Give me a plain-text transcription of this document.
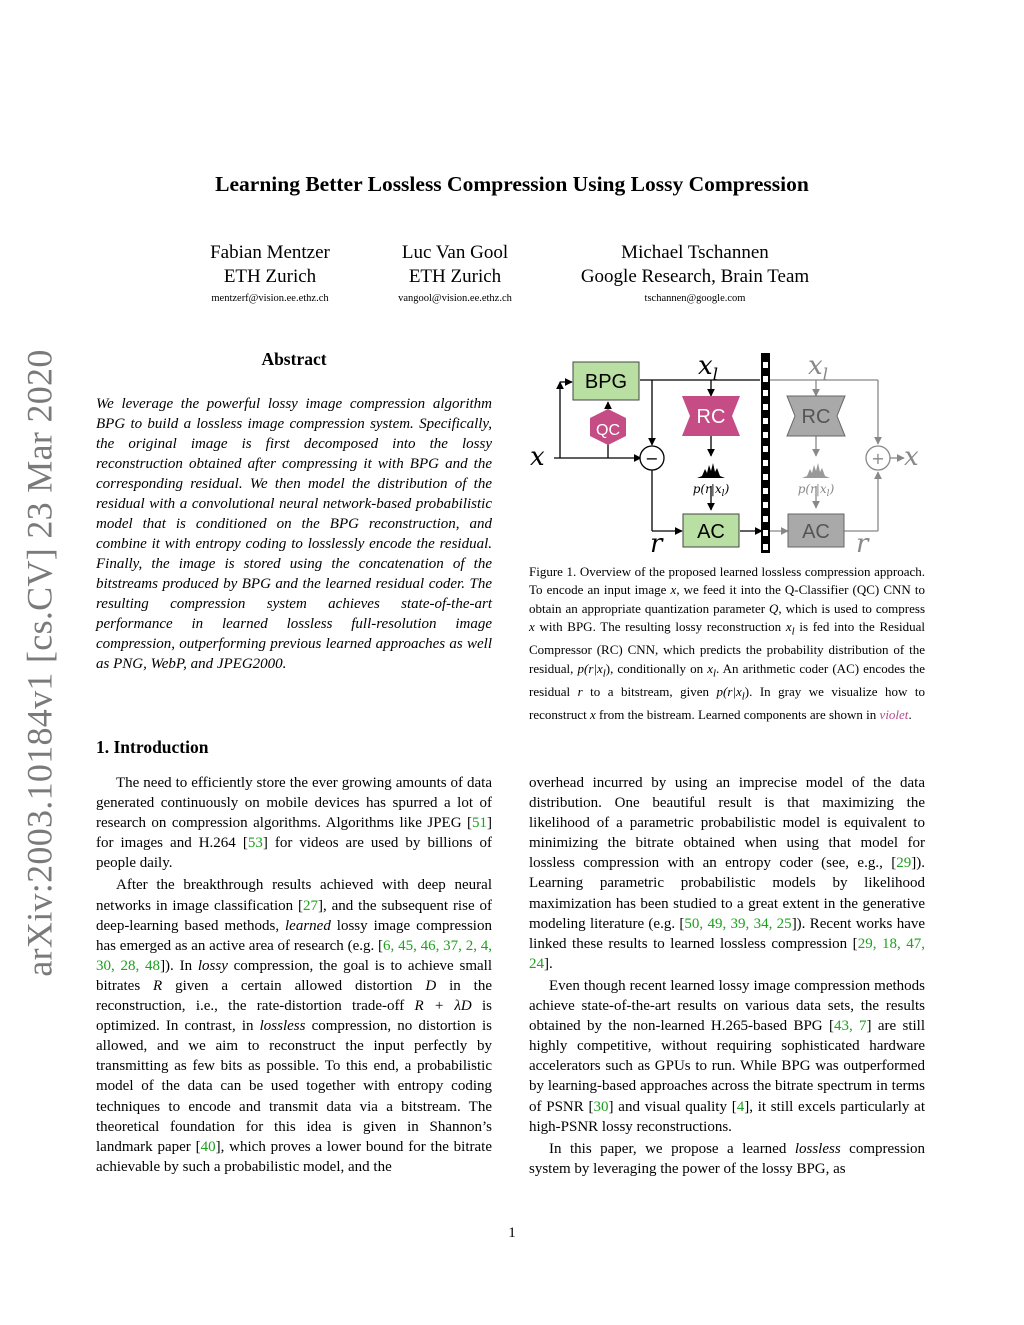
arXiv:2003.10184v1 [cs.CV] 23 Mar 2020
Learning Better Lossless Compression Using Lossy Compression
Fabian Mentzer
ETH Zurich
mentzerf@vision.ee.ethz.ch
Luc Van Gool
ETH Zurich
vangool@vision.ee.ethz.ch
Michael Tschannen
Google Research, Brain Team
tschannen@google.com
Abstract

We leverage the powerful lossy image compression algorithm BPG to build a lossless image compression system. Specifically, the original image is first decomposed into the lossy reconstruction obtained after compressing it with BPG and the corresponding residual. We then model the distribution of the residual with a convolutional neural network-based probabilistic model that is conditioned on the BPG reconstruction, and combine it with entropy coding to losslessly encode the residual. Finally, the image is stored using the concatenation of the bitstreams produced by BPG and the learned residual coder. The resulting compression system achieves state-of-the-art performance in learned lossless full-resolution image compression, outperforming previous learned approaches as well as PNG, WebP, and JPEG2000.

1. Introduction

The need to efficiently store the ever growing amounts of data generated continuously on mobile devices has spurred a lot of research on compression algorithms. Algorithms like JPEG [51] for images and H.264 [53] for videos are used by billions of people daily.

After the breakthrough results achieved with deep neural networks in image classification [27], and the subsequent rise of deep-learning based methods, learned lossy image compression has emerged as an active area of research (e.g. [6, 45, 46, 37, 2, 4, 30, 28, 48]). In lossy compression, the goal is to achieve small bitrates R given a certain allowed distortion D in the reconstruction, i.e., the rate-distortion trade-off R + λD is optimized. In contrast, in lossless compression, no distortion is allowed, and we aim to reconstruct the input perfectly by transmitting as few bits as possible. To this end, a probabilistic model of the data can be used together with entropy coding techniques to encode and transmit data via a bitstream. The theoretical foundation for this idea is given in Shannon’s landmark paper [40], which proves a lower bound for the bitrate achievable by such a probabilistic model, and the

BPG
QC
RC	RC
$p(r|x_l)$	$p(r|x_l)$
AC	AC
−	+
x	x
$x_l$	$x_l$
r	r

Figure 1. Overview of the proposed learned lossless compression approach. To encode an input image x, we feed it into the Q-Classifier (QC) CNN to obtain an appropriate quantization parameter Q, which is used to compress x with BPG. The resulting lossy reconstruction $x_l$ is fed into the Residual Compressor (RC) CNN, which predicts the probability distribution of the residual, $p(r|x_l)$, conditionally on $x_l$. An arithmetic coder (AC) encodes the residual r to a bitstream, given $p(r|x_l)$. In gray we visualize how to reconstruct x from the bistream. Learned components are shown in violet.

overhead incurred by using an imprecise model of the data distribution. One beautiful result is that maximizing the likelihood of a parametric probabilistic model is equivalent to minimizing the bitrate obtained when using that model for lossless compression with an entropy coder (see, e.g., [29]). Learning parametric probabilistic models by likelihood maximization has been studied to a great extent in the generative modeling literature (e.g. [50, 49, 39, 34, 25]). Recent works have linked these results to learned lossless compression [29, 18, 47, 24].

Even though recent learned lossy image compression methods achieve state-of-the-art results on various data sets, the results obtained by the non-learned H.265-based BPG [43, 7] are still highly competitive, without requiring sophisticated hardware accelerators such as GPUs to run. While BPG was outperformed by learning-based approaches across the bitrate spectrum in terms of PSNR [30] and visual quality [4], it still excels particularly at high-PSNR lossy reconstructions.

In this paper, we propose a learned lossless compression system by leveraging the power of the lossy BPG, as

1
